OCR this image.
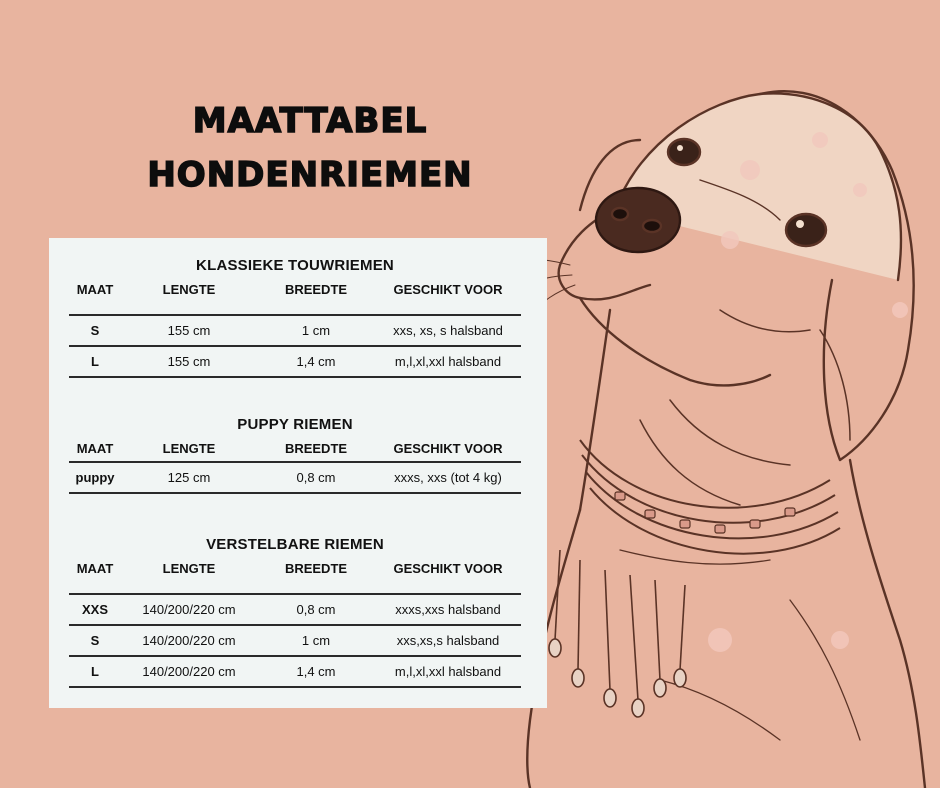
MAATTABEL
HONDENRIEMEN
KLASSIEKE TOUWRIEMEN
MAAT	LENGTE	BREEDTE	GESCHIKT VOOR

S	155 cm	1 cm	xxs, xs, s halsband
L	155 cm	1,4 cm	m,l,xl,xxl halsband
PUPPY RIEMEN
MAAT	LENGTE	BREEDTE	GESCHIKT VOOR
puppy	125 cm	0,8 cm	xxxs, xxs (tot 4 kg)
VERSTELBARE RIEMEN
MAAT	LENGTE	BREEDTE	GESCHIKT VOOR

XXS	140/200/220 cm	0,8 cm	xxxs,xxs halsband
S	140/200/220 cm	1 cm	xxs,xs,s halsband
L	140/200/220 cm	1,4 cm	m,l,xl,xxl halsband
